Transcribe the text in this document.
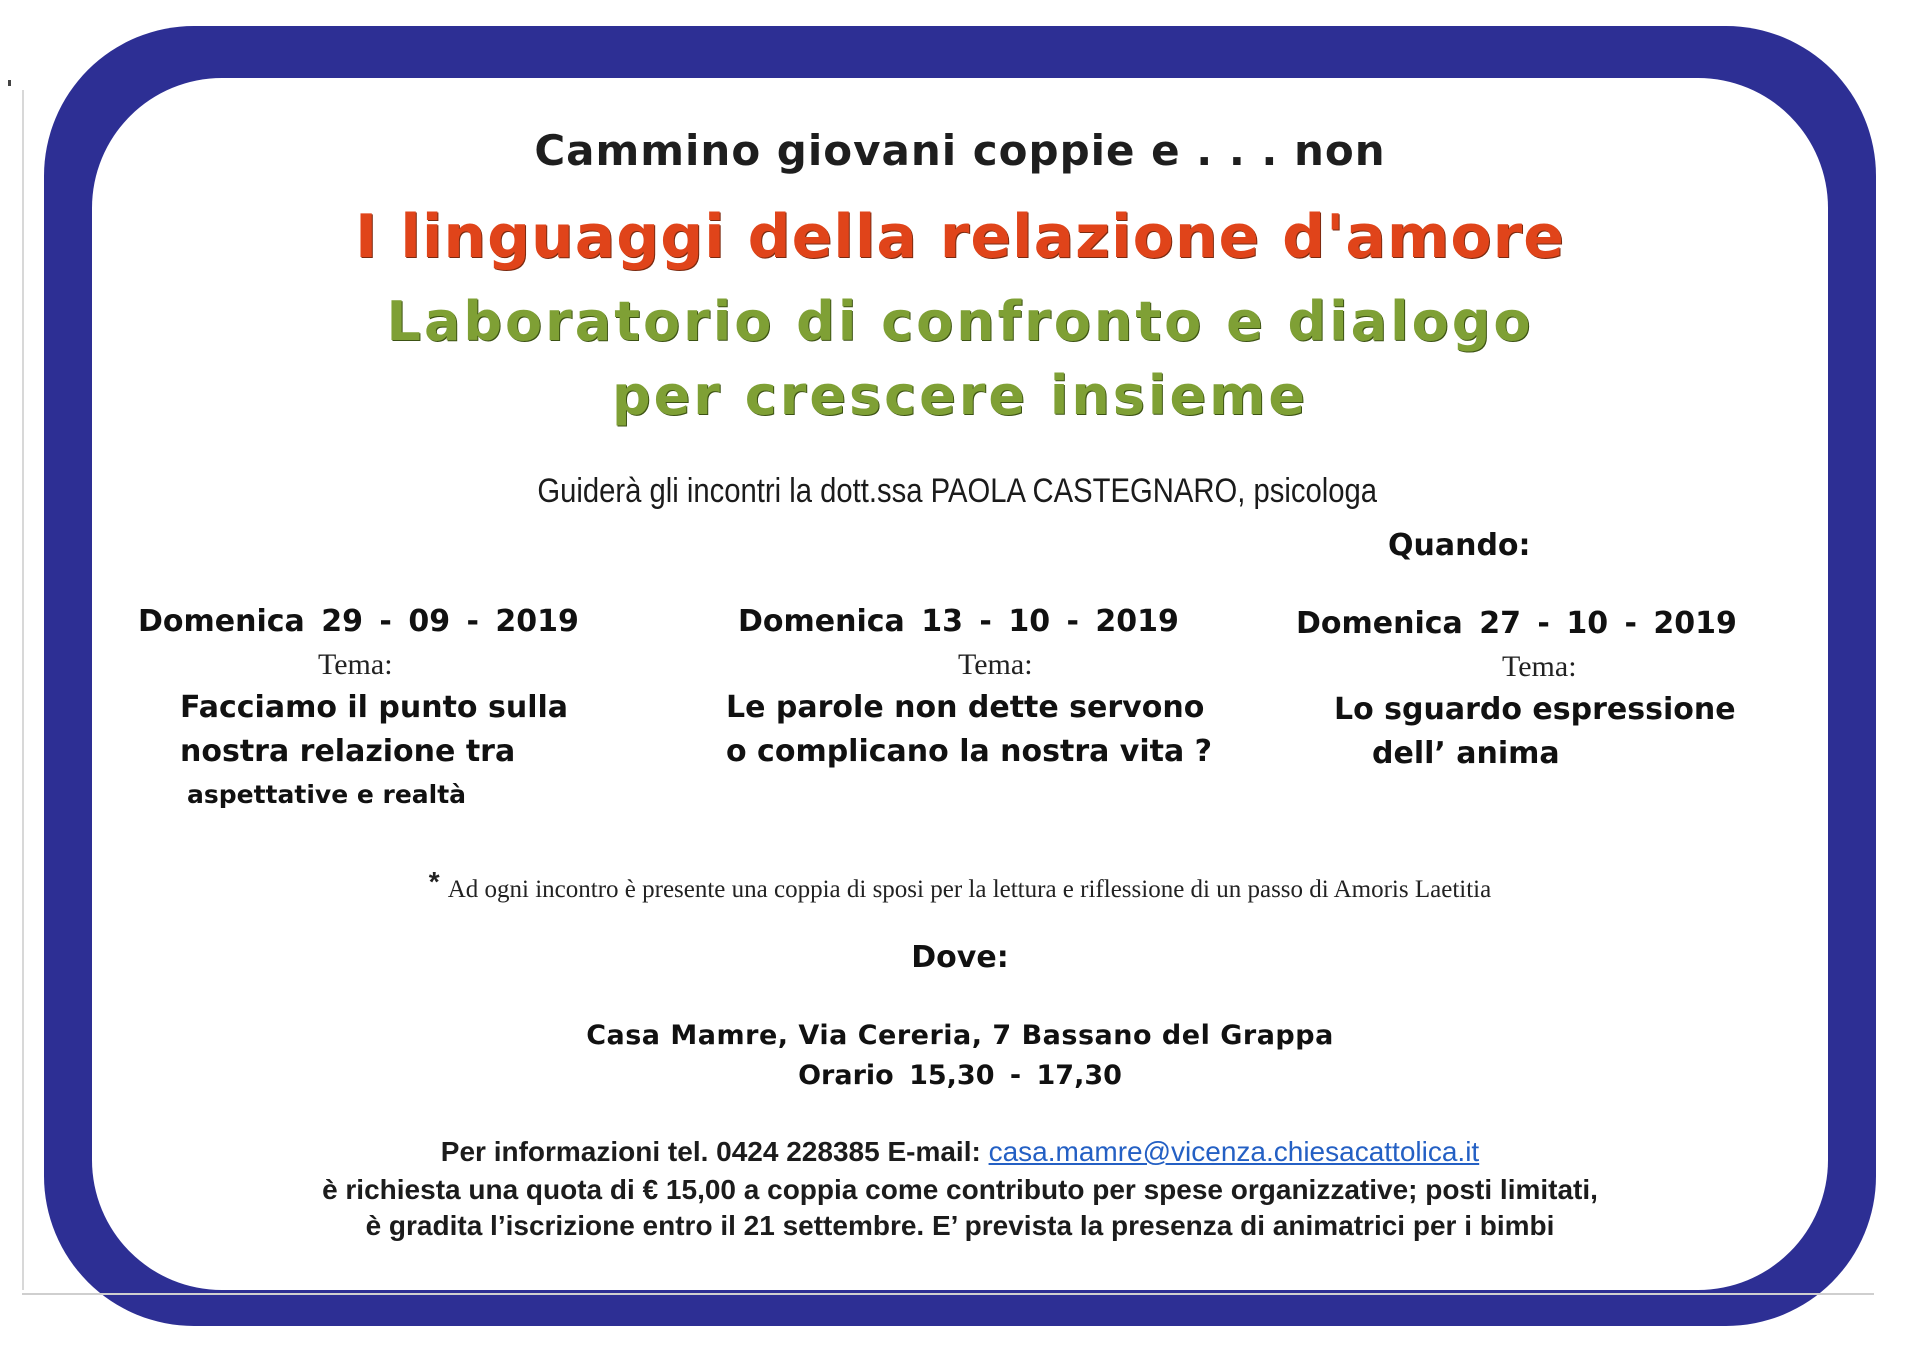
Cammino giovani coppie e . . . non
I linguaggi della relazione d'amore
Laboratorio di confronto e dialogo
per crescere insieme
Guiderà gli incontri la dott.ssa PAOLA CASTEGNARO, psicologa
Quando:
Domenica 29 - 09 - 2019
Tema:
Facciamo il punto sulla
nostra relazione tra
aspettative e realtà
Domenica 13 - 10 - 2019
Tema:
Le parole non dette servono
o complicano la nostra vita ?
Domenica 27 - 10 - 2019
Tema:
Lo sguardo espressione
dell’ anima
* Ad ogni incontro è presente una coppia di sposi per la lettura e riflessione di un passo di Amoris Laetitia
Dove:
Casa Mamre, Via Cereria, 7 Bassano del Grappa
Orario 15,30 - 17,30
Per informazioni tel. 0424 228385 E-mail: casa.mamre@vicenza.chiesacattolica.it
è richiesta una quota di € 15,00 a coppia come contributo per spese organizzative; posti limitati,
è gradita l’iscrizione entro il 21 settembre. E’ prevista la presenza di animatrici per i bimbi
